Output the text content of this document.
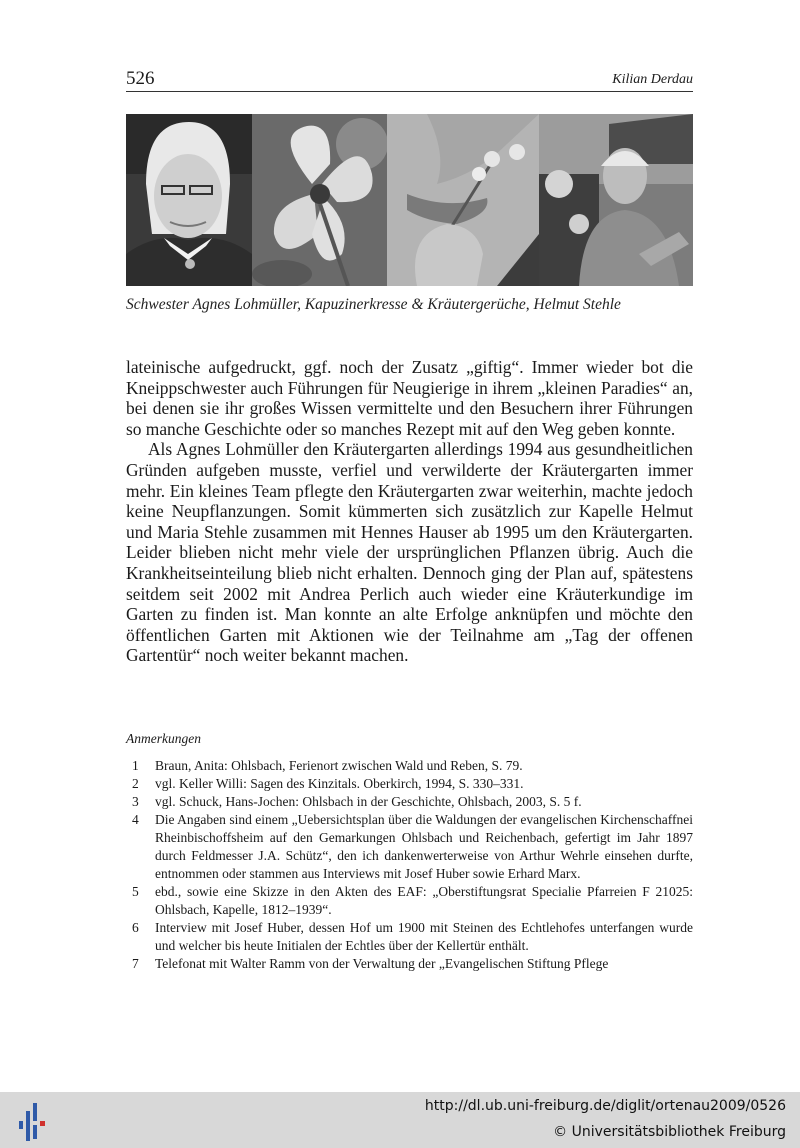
526	Kilian Derdau
Schwester Agnes Lohmüller, Kapuzinerkresse & Kräutergerüche, Helmut Stehle

lateinische aufgedruckt, ggf. noch der Zusatz „giftig“. Immer wieder bot die Kneippschwester auch Führungen für Neugierige in ihrem „kleinen Paradies“ an, bei denen sie ihr großes Wissen vermittelte und den Besuchern ihrer Führungen so manche Geschichte oder so manches Rezept mit auf den Weg geben konnte.

Als Agnes Lohmüller den Kräutergarten allerdings 1994 aus gesundheitlichen Gründen aufgeben musste, verfiel und verwilderte der Kräutergarten immer mehr. Ein kleines Team pflegte den Kräutergarten zwar weiterhin, machte jedoch keine Neupflanzungen. Somit kümmerten sich zusätzlich zur Kapelle Helmut und Maria Stehle zusammen mit Hennes Hauser ab 1995 um den Kräutergarten. Leider blieben nicht mehr viele der ursprünglichen Pflanzen übrig. Auch die Krankheitseinteilung blieb nicht erhalten. Dennoch ging der Plan auf, spätestens seitdem seit 2002 mit Andrea Perlich auch wieder eine Kräuterkundige im Garten zu finden ist. Man konnte an alte Erfolge anknüpfen und möchte den öffentlichen Garten mit Aktionen wie der Teilnahme am „Tag der offenen Gartentür“ noch weiter bekannt machen.

Anmerkungen
1	Braun, Anita: Ohlsbach, Ferienort zwischen Wald und Reben, S. 79.
2	vgl. Keller Willi: Sagen des Kinzitals. Oberkirch, 1994, S. 330–331.
3	vgl. Schuck, Hans-Jochen: Ohlsbach in der Geschichte, Ohlsbach, 2003, S. 5 f.
4	Die Angaben sind einem „Uebersichtsplan über die Waldungen der evangelischen Kirchenschaffnei Rheinbischoffsheim auf den Gemarkungen Ohlsbach und Reichenbach, gefertigt im Jahr 1897 durch Feldmesser J.A. Schütz“, den ich dankenwerterweise von Arthur Wehrle einsehen durfte, entnommen oder stammen aus Interviews mit Josef Huber sowie Erhard Marx.
5	ebd., sowie eine Skizze in den Akten des EAF: „Oberstiftungsrat Specialie Pfarreien F 21025: Ohlsbach, Kapelle, 1812–1939“.
6	Interview mit Josef Huber, dessen Hof um 1900 mit Steinen des Echtlehofes unterfangen wurde und welcher bis heute Initialen der Echtles über der Kellertür enthält.
7	Telefonat mit Walter Ramm von der Verwaltung der „Evangelischen Stiftung Pflege
http://dl.ub.uni-freiburg.de/diglit/ortenau2009/0526
© Universitätsbibliothek Freiburg
